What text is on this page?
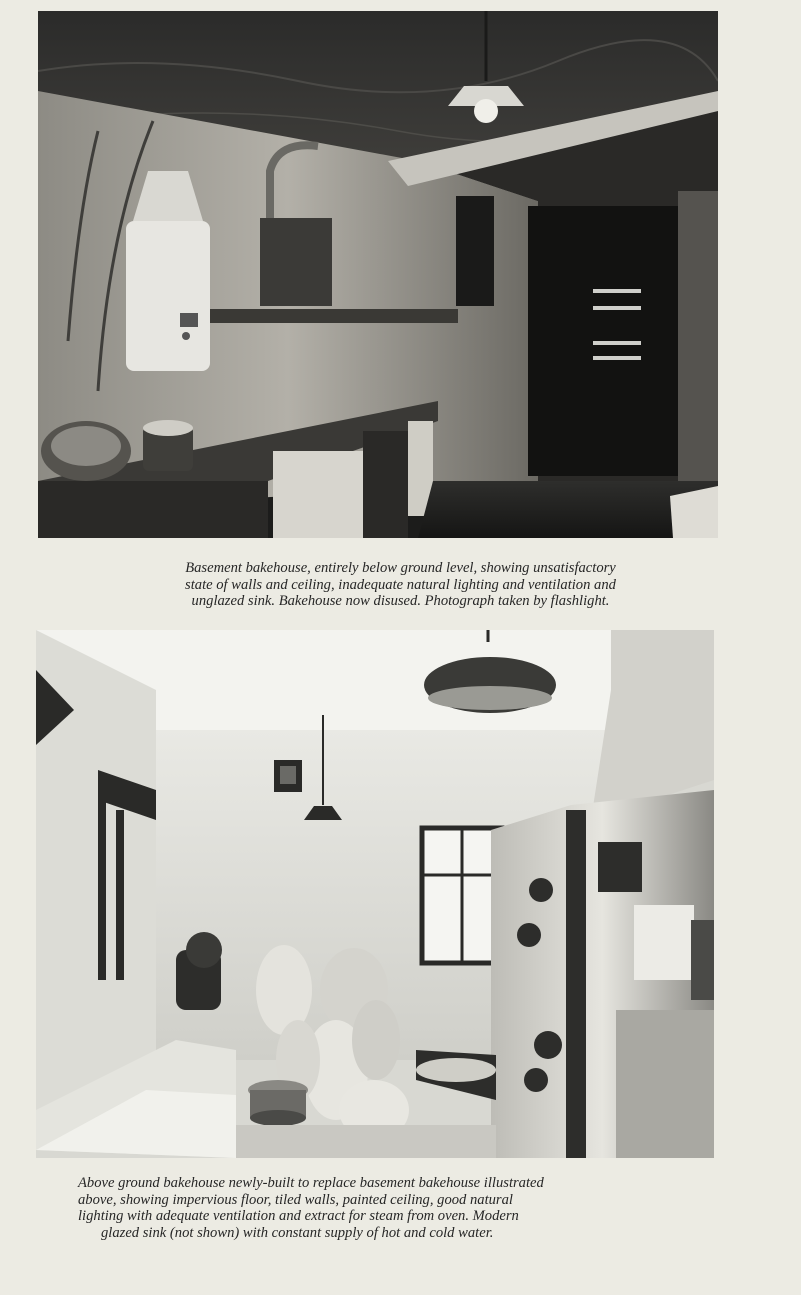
Basement bakehouse, entirely below ground level, showing unsatisfactory
state of walls and ceiling, inadequate natural lighting and ventilation and
unglazed sink. Bakehouse now disused. Photograph taken by flashlight.

Above ground bakehouse newly-built to replace basement bakehouse illustrated
above, showing impervious floor, tiled walls, painted ceiling, good natural
lighting with adequate ventilation and extract for steam from oven. Modern
glazed sink (not shown) with constant supply of hot and cold water.
